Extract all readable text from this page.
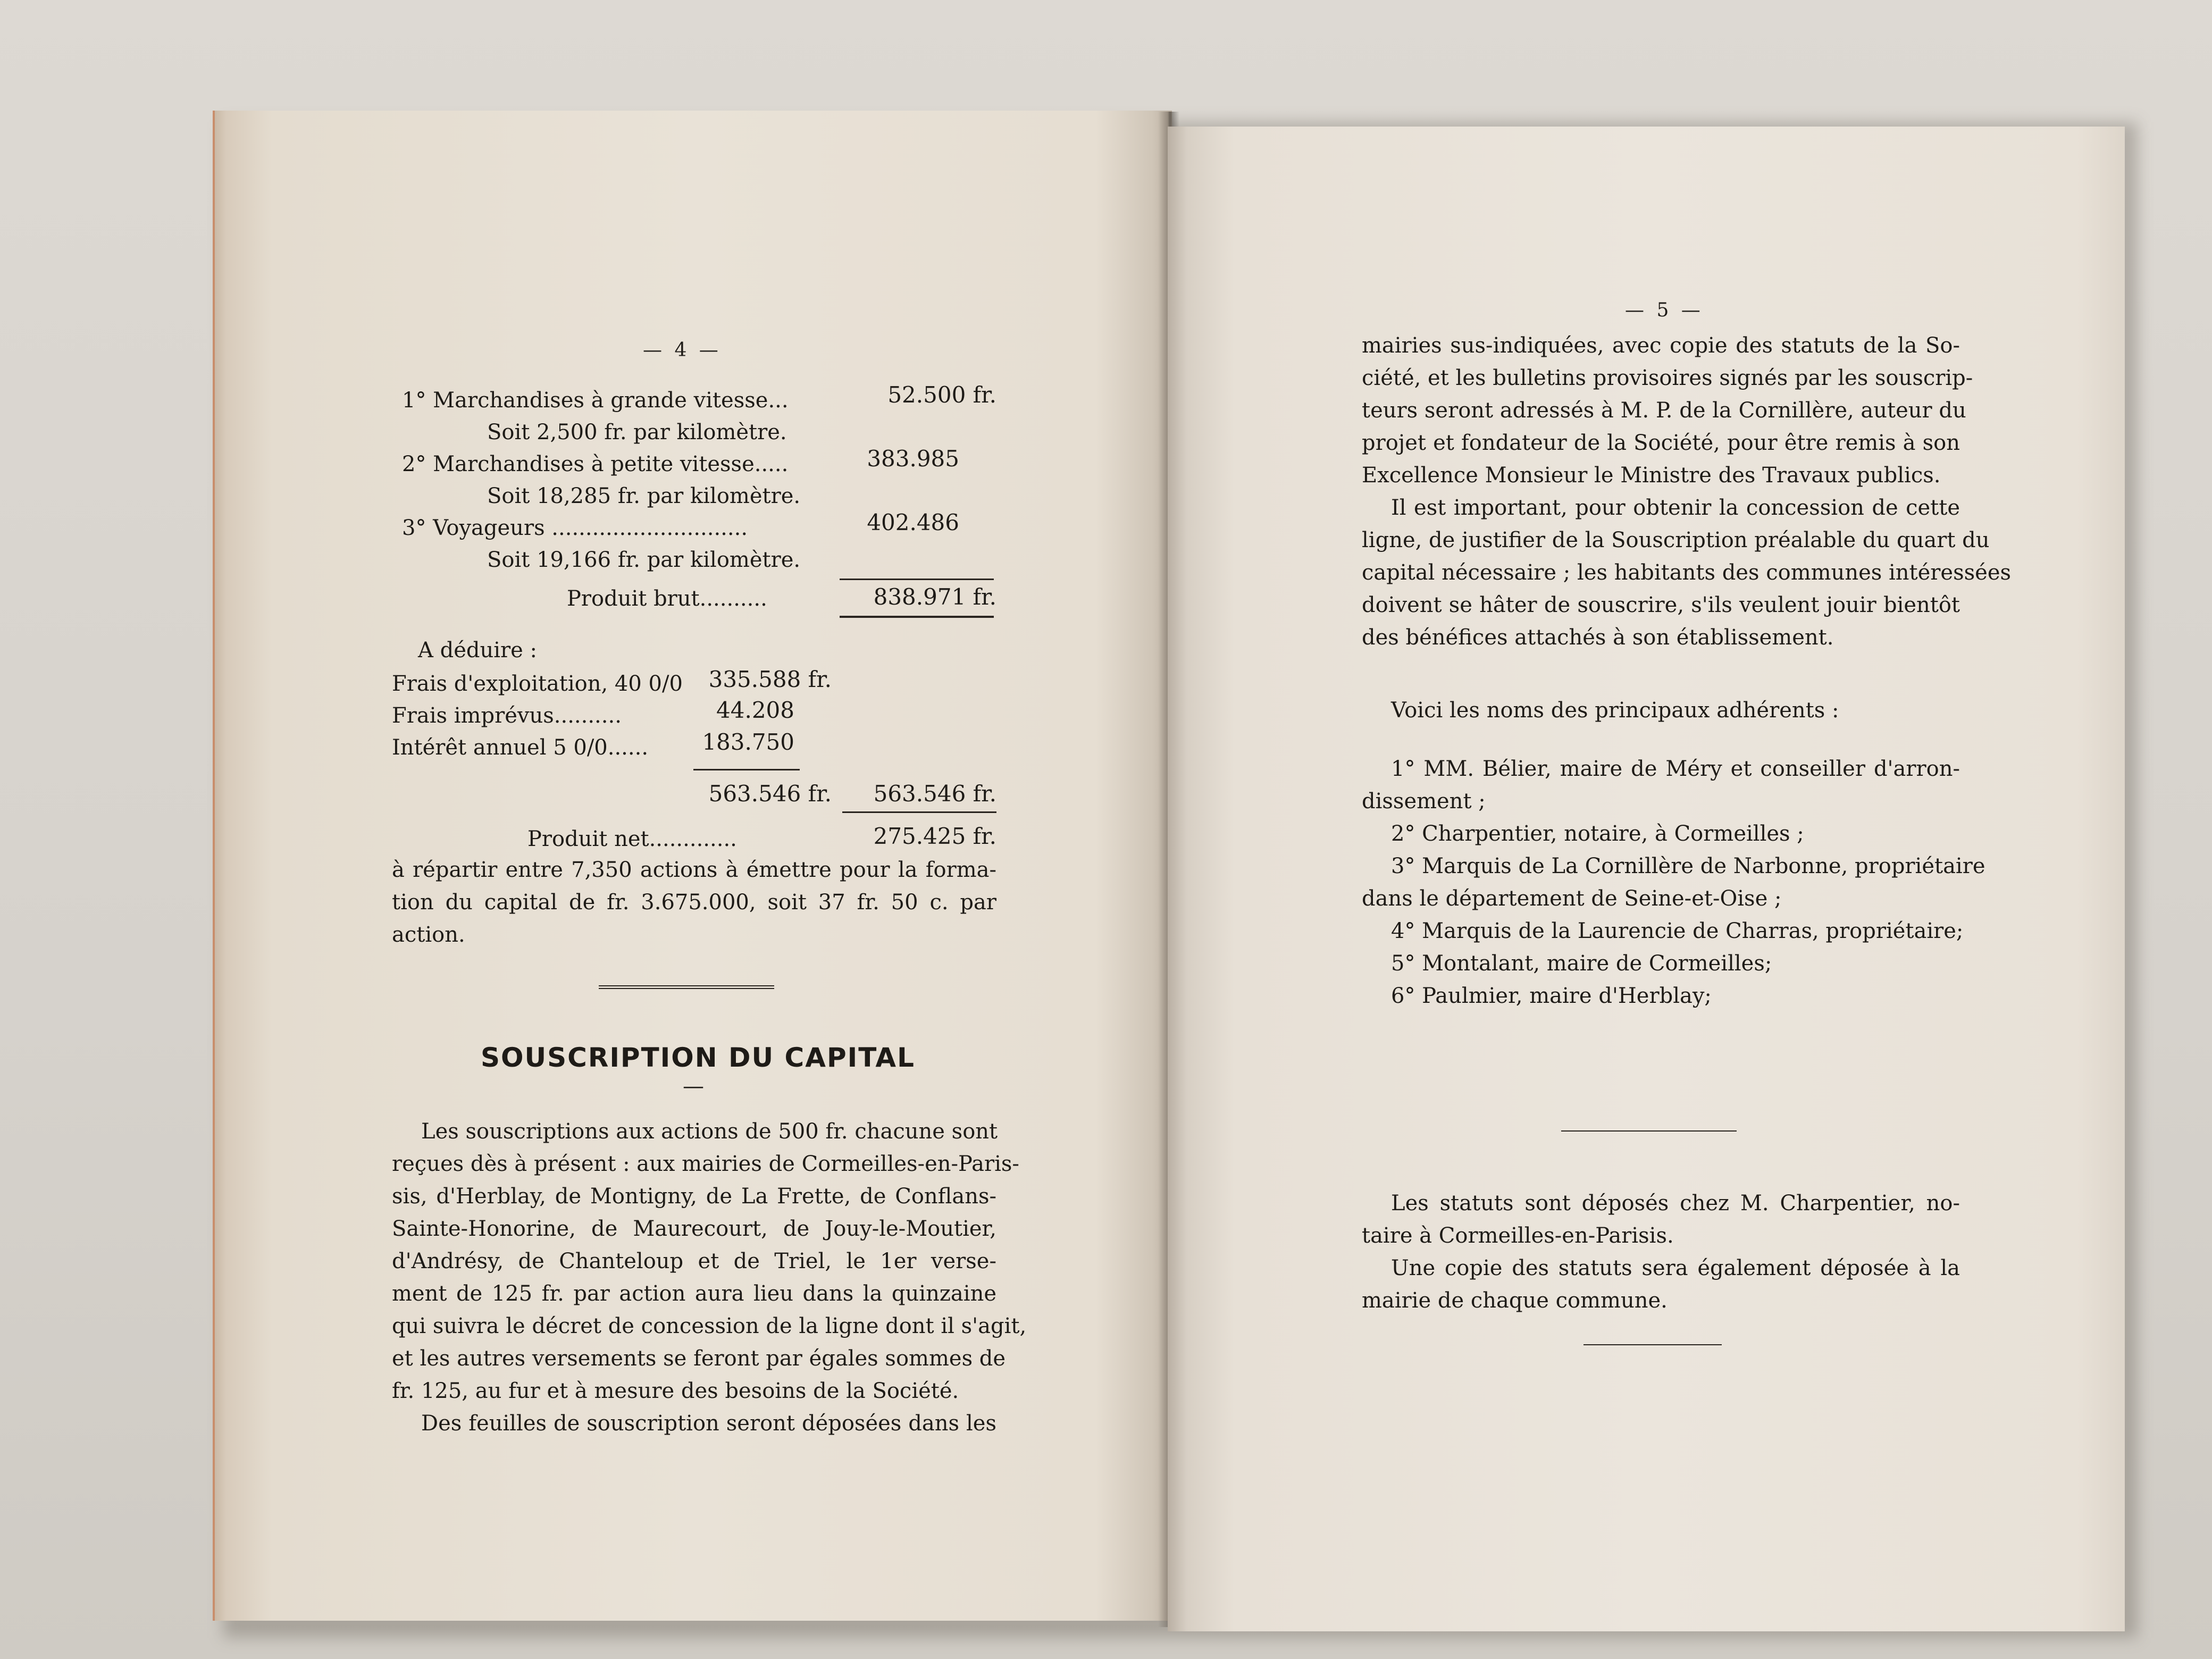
— 4 —
1° Marchandises à grande vitesse...	52.500 fr.
Soit 2,500 fr. par kilomètre.
2° Marchandises à petite vitesse.....	383.985
Soit 18,285 fr. par kilomètre.
3° Voyageurs .............................	402.486
Soit 19,166 fr. par kilomètre.
Produit brut..........	838.971 fr.
A déduire :
Frais d'exploitation, 40 0/0	335.588 fr.
Frais imprévus..........	44.208
Intérêt annuel 5 0/0......	183.750
563.546 fr.	563.546 fr.
Produit net.............	275.425 fr.
à répartir entre 7,350 actions à émettre pour la forma-
tion du capital de fr. 3.675.000, soit 37 fr. 50 c. par
action.
SOUSCRIPTION DU CAPITAL
—
Les souscriptions aux actions de 500 fr. chacune sont
reçues dès à présent : aux mairies de Cormeilles-en-Paris-
sis, d'Herblay, de Montigny, de La Frette, de Conflans-
Sainte-Honorine, de Maurecourt, de Jouy-le-Moutier,
d'Andrésy, de Chanteloup et de Triel, le 1er verse-
ment de 125 fr. par action aura lieu dans la quinzaine
qui suivra le décret de concession de la ligne dont il s'agit,
et les autres versements se feront par égales sommes de
fr. 125, au fur et à mesure des besoins de la Société.
Des feuilles de souscription seront déposées dans les
— 5 —
mairies sus-indiquées, avec copie des statuts de la So-
ciété, et les bulletins provisoires signés par les souscrip-
teurs seront adressés à M. P. de la Cornillère, auteur du
projet et fondateur de la Société, pour être remis à son
Excellence Monsieur le Ministre des Travaux publics.
Il est important, pour obtenir la concession de cette
ligne, de justifier de la Souscription préalable du quart du
capital nécessaire ; les habitants des communes intéressées
doivent se hâter de souscrire, s'ils veulent jouir bientôt
des bénéfices attachés à son établissement.
Voici les noms des principaux adhérents :
1° MM. Bélier, maire de Méry et conseiller d'arron-
dissement ;
2° Charpentier, notaire, à Cormeilles ;
3° Marquis de La Cornillère de Narbonne, propriétaire
dans le département de Seine-et-Oise ;
4° Marquis de la Laurencie de Charras, propriétaire;
5° Montalant, maire de Cormeilles;
6° Paulmier, maire d'Herblay;
Les statuts sont déposés chez M. Charpentier, no-
taire à Cormeilles-en-Parisis.
Une copie des statuts sera également déposée à la
mairie de chaque commune.
